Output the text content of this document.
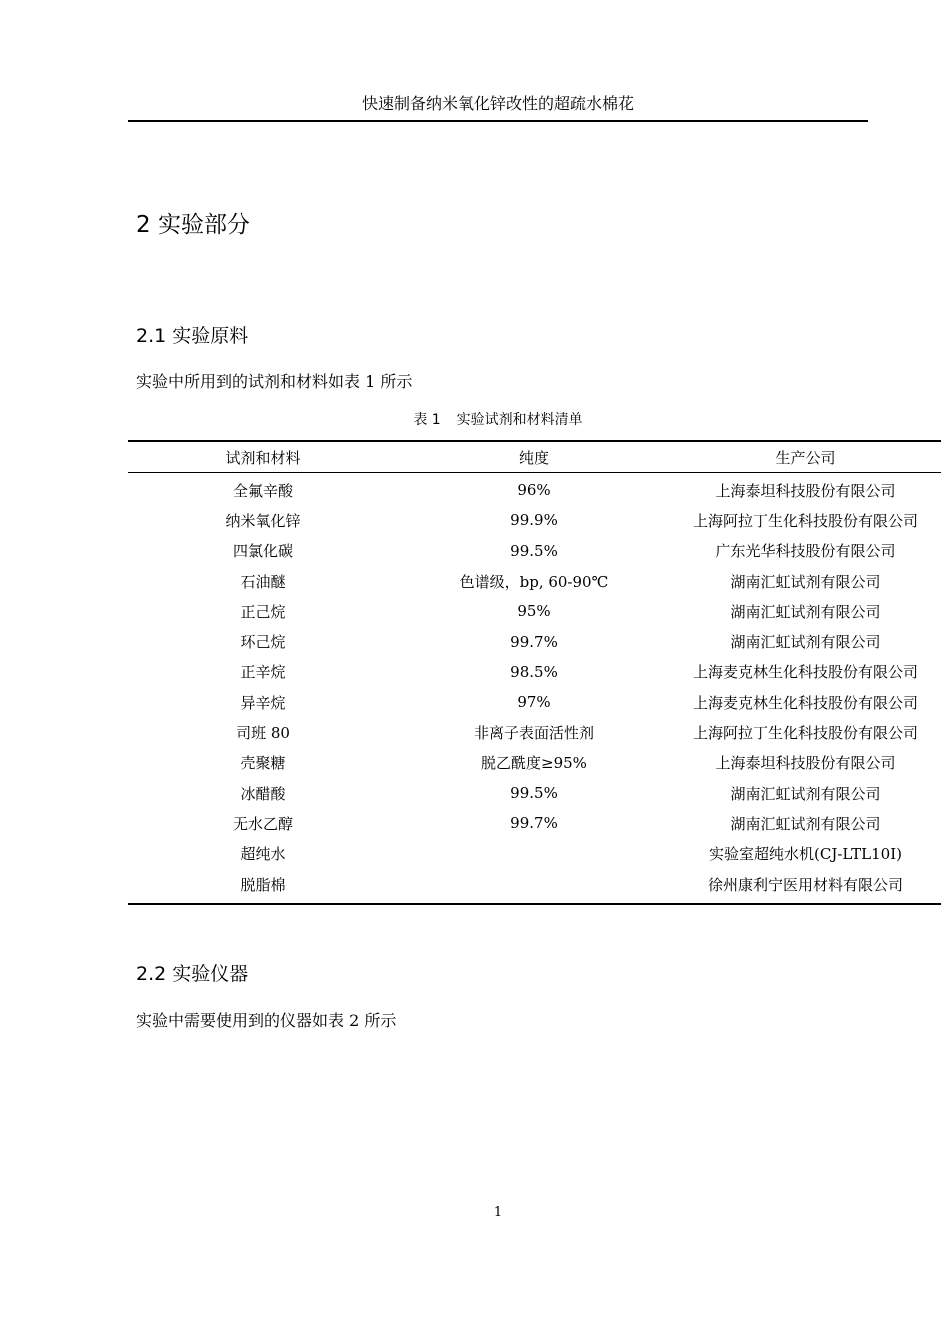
快速制备纳米氧化锌改性的超疏水棉花
2 实验部分
2.1 实验原料
实验中所用到的试剂和材料如表 1 所示
表 1 实验试剂和材料清单
试剂和材料	纯度	生产公司
全氟辛酸	96%	上海泰坦科技股份有限公司
纳米氧化锌	99.9%	上海阿拉丁生化科技股份有限公司
四氯化碳	99.5%	广东光华科技股份有限公司
石油醚	色谱级，bp, 60-90℃	湖南汇虹试剂有限公司
正己烷	95%	湖南汇虹试剂有限公司
环己烷	99.7%	湖南汇虹试剂有限公司
正辛烷	98.5%	上海麦克林生化科技股份有限公司
异辛烷	97%	上海麦克林生化科技股份有限公司
司班 80	非离子表面活性剂	上海阿拉丁生化科技股份有限公司
壳聚糖	脱乙酰度≥95%	上海泰坦科技股份有限公司
冰醋酸	99.5%	湖南汇虹试剂有限公司
无水乙醇	99.7%	湖南汇虹试剂有限公司
超纯水		实验室超纯水机(CJ-LTL10I)
脱脂棉		徐州康利宁医用材料有限公司
2.2 实验仪器
实验中需要使用到的仪器如表 2 所示
1
